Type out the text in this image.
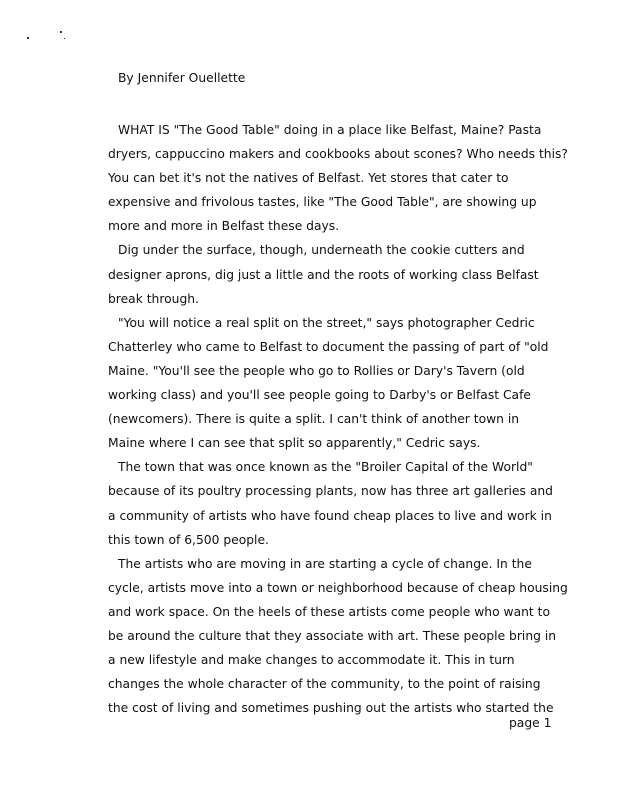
By Jennifer Ouellette
WHAT IS "The Good Table" doing in a place like Belfast, Maine? Pasta
dryers, cappuccino makers and cookbooks about scones? Who needs this?
You can bet it's not the natives of Belfast. Yet stores that cater to
expensive and frivolous tastes, like "The Good Table", are showing up
more and more in Belfast these days.
Dig under the surface, though, underneath the cookie cutters and
designer aprons, dig just a little and the roots of working class Belfast
break through.
"You will notice a real split on the street," says photographer Cedric
Chatterley who came to Belfast to document the passing of part of "old
Maine. "You'll see the people who go to Rollies or Dary's Tavern (old
working class) and you'll see people going to Darby's or Belfast Cafe
(newcomers). There is quite a split. I can't think of another town in
Maine where I can see that split so apparently," Cedric says.
The town that was once known as the "Broiler Capital of the World"
because of its poultry processing plants, now has three art galleries and
a community of artists who have found cheap places to live and work in
this town of 6,500 people.
The artists who are moving in are starting a cycle of change. In the
cycle, artists move into a town or neighborhood because of cheap housing
and work space. On the heels of these artists come people who want to
be around the culture that they associate with art. These people bring in
a new lifestyle and make changes to accommodate it. This in turn
changes the whole character of the community, to the point of raising
the cost of living and sometimes pushing out the artists who started the
page 1
